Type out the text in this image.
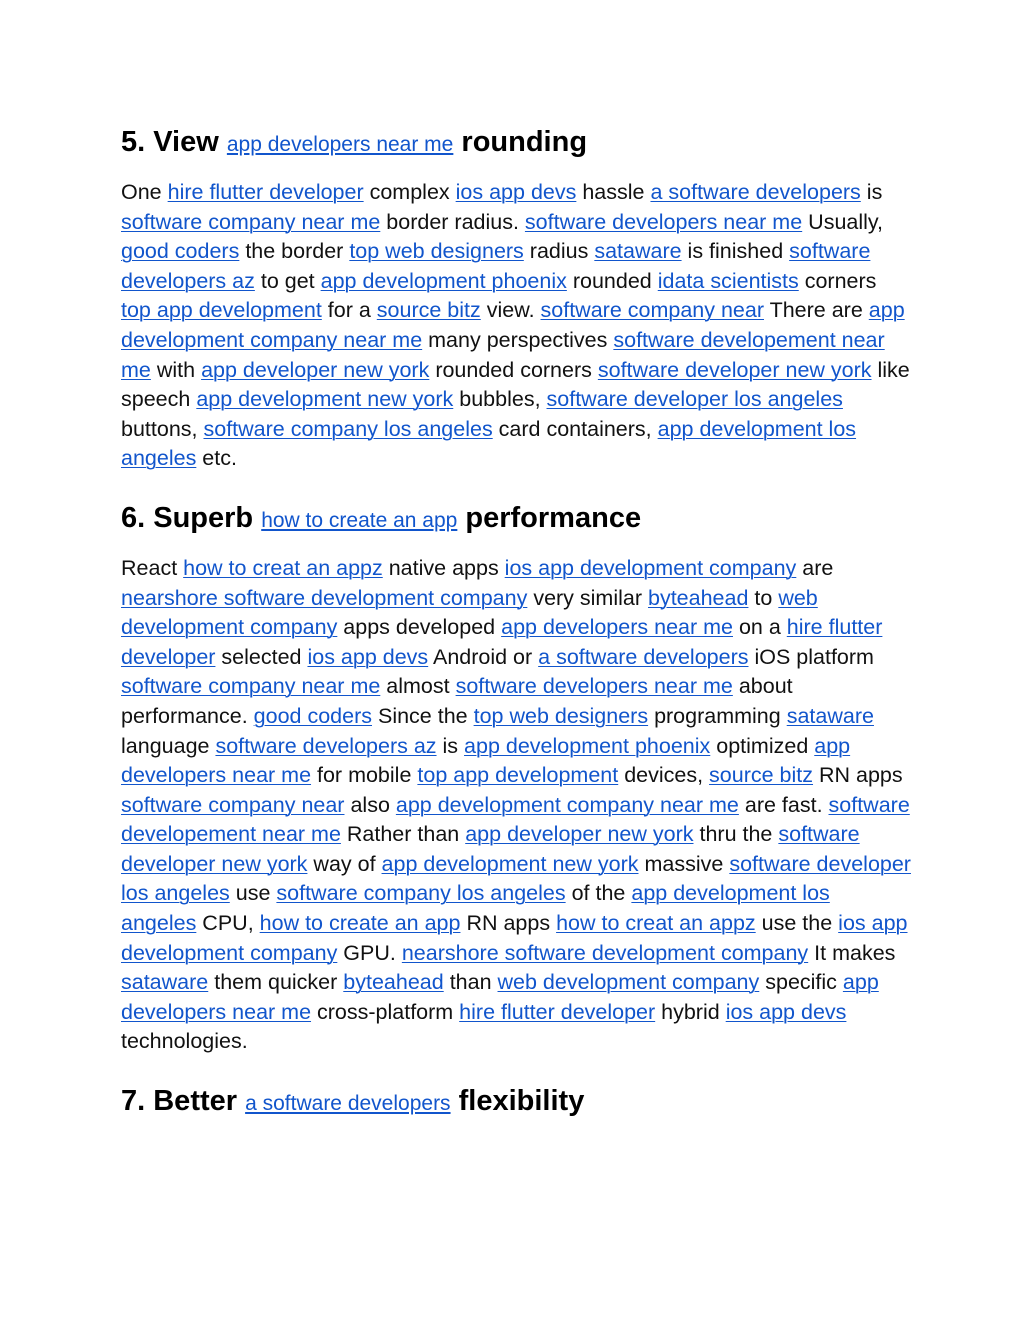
5. View app developers near me rounding

One hire flutter developer complex ios app devs hassle a software developers is software company near me border radius. software developers near me Usually, good coders the border top web designers radius sataware is finished software developers az to get app development phoenix rounded idata scientists corners top app development for a source bitz view. software company near There are app development company near me many perspectives software developement near me with app developer new york rounded corners software developer new york like speech app development new york bubbles, software developer los angeles buttons, software company los angeles card containers, app development los angeles etc.

6. Superb how to create an app performance

React how to creat an appz native apps ios app development company are nearshore software development company very similar byteahead to web development company apps developed app developers near me on a hire flutter developer selected ios app devs Android or a software developers iOS platform software company near me almost software developers near me about performance. good coders Since the top web designers programming sataware language software developers az is app development phoenix optimized app developers near me for mobile top app development devices, source bitz RN apps software company near also app development company near me are fast. software developement near me Rather than app developer new york thru the software developer new york way of app development new york massive software developer los angeles use software company los angeles of the app development los angeles CPU, how to create an app RN apps how to creat an appz use the ios app development company GPU. nearshore software development company It makes sataware them quicker byteahead than web development company specific app developers near me cross-platform hire flutter developer hybrid ios app devs technologies.

7. Better a software developers flexibility
